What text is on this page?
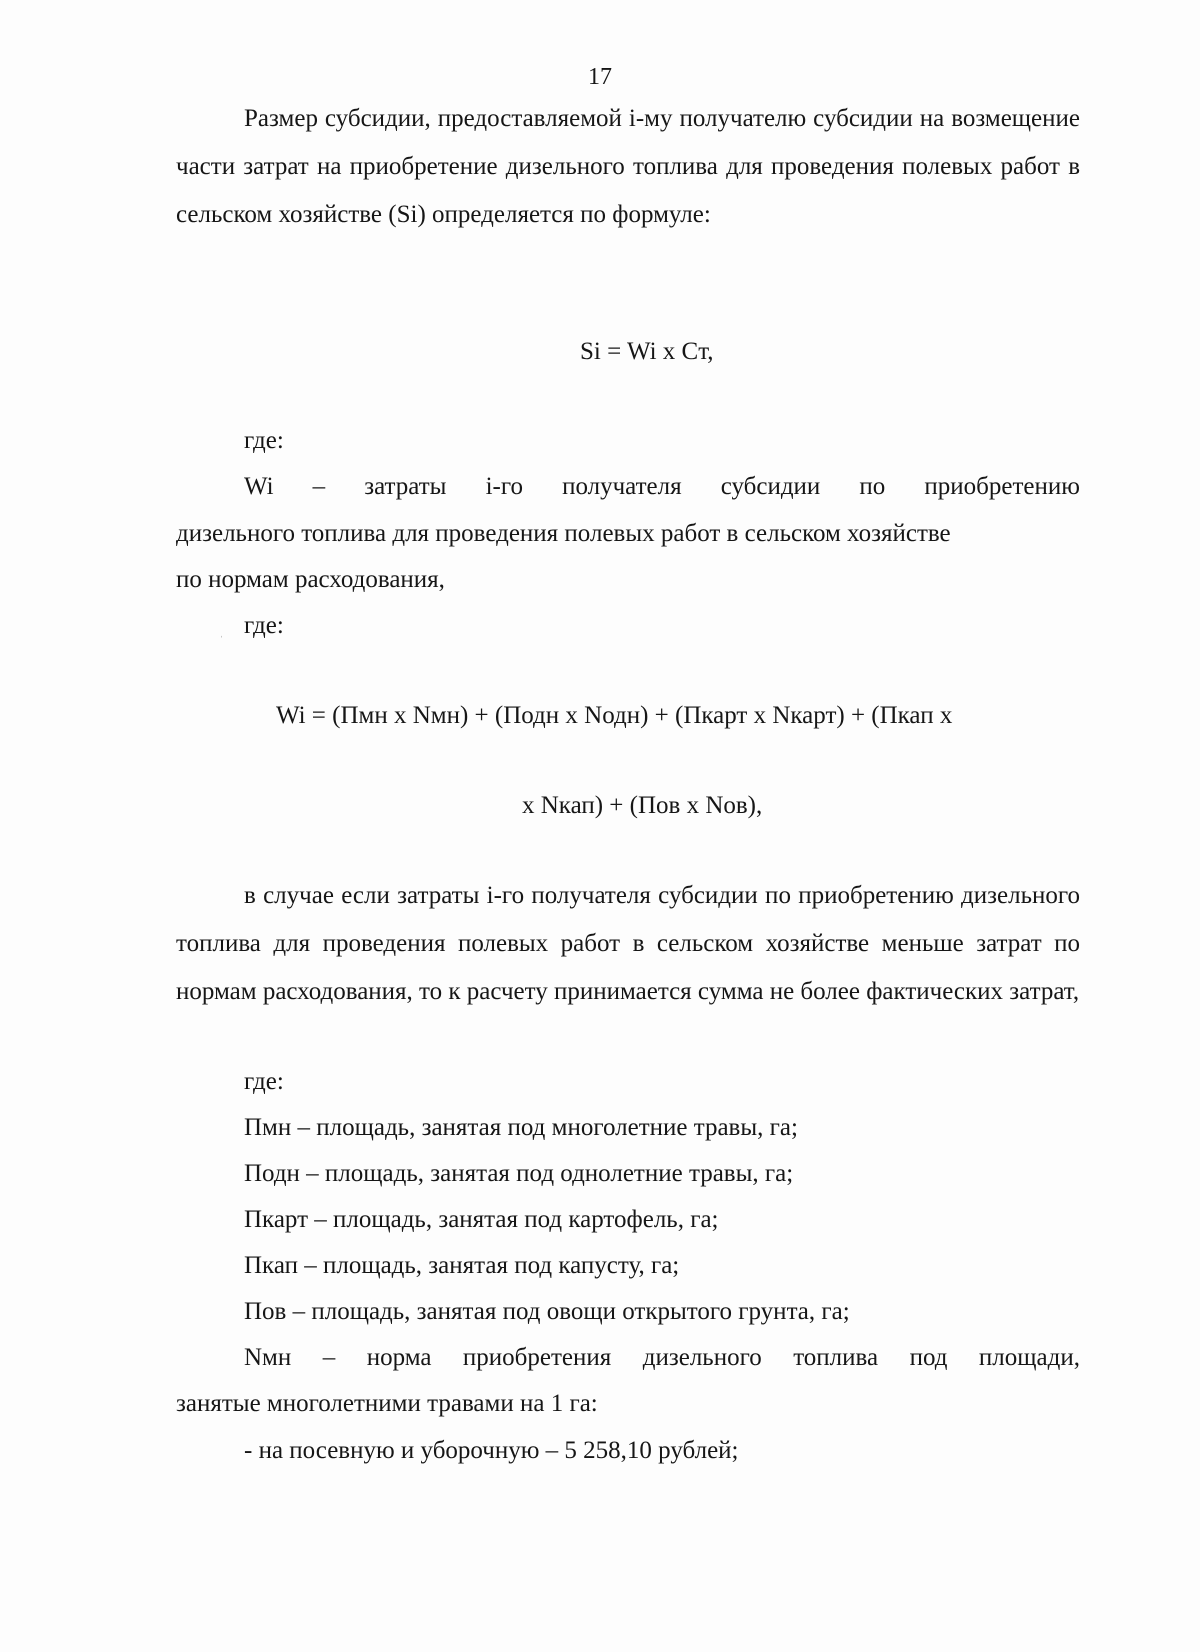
17

Размер субсидии, предоставляемой i-му получателю субсидии на возмещение части затрат на приобретение дизельного топлива для проведения полевых работ в сельском хозяйстве (Si) определяется по формуле:

Si = Wi x Cт,
где:
Wi – затраты i-го получателя субсидии по приобретению
дизельного топлива для проведения полевых работ в сельском хозяйстве
по нормам расходования,
ˌ где:
Wi = (Пмн x Nмн) + (Подн x Nодн) + (Пкарт x Nкарт) + (Пкап x
x Nкап) + (Пов x Nов),

в случае если затраты i-го получателя субсидии по приобретению дизельного топлива для проведения полевых работ в сельском хозяйстве меньше затрат по нормам расходования, то к расчету принимается сумма не более фактических затрат,

где:
Пмн – площадь, занятая под многолетние травы, га;
Подн – площадь, занятая под однолетние травы, га;
Пкарт – площадь, занятая под картофель, га;
Пкап – площадь, занятая под капусту, га;
Пов – площадь, занятая под овощи открытого грунта, га;
Nмн – норма приобретения дизельного топлива под площади,
занятые многолетними травами на 1 га:
- на посевную и уборочную – 5 258,10 рублей;
